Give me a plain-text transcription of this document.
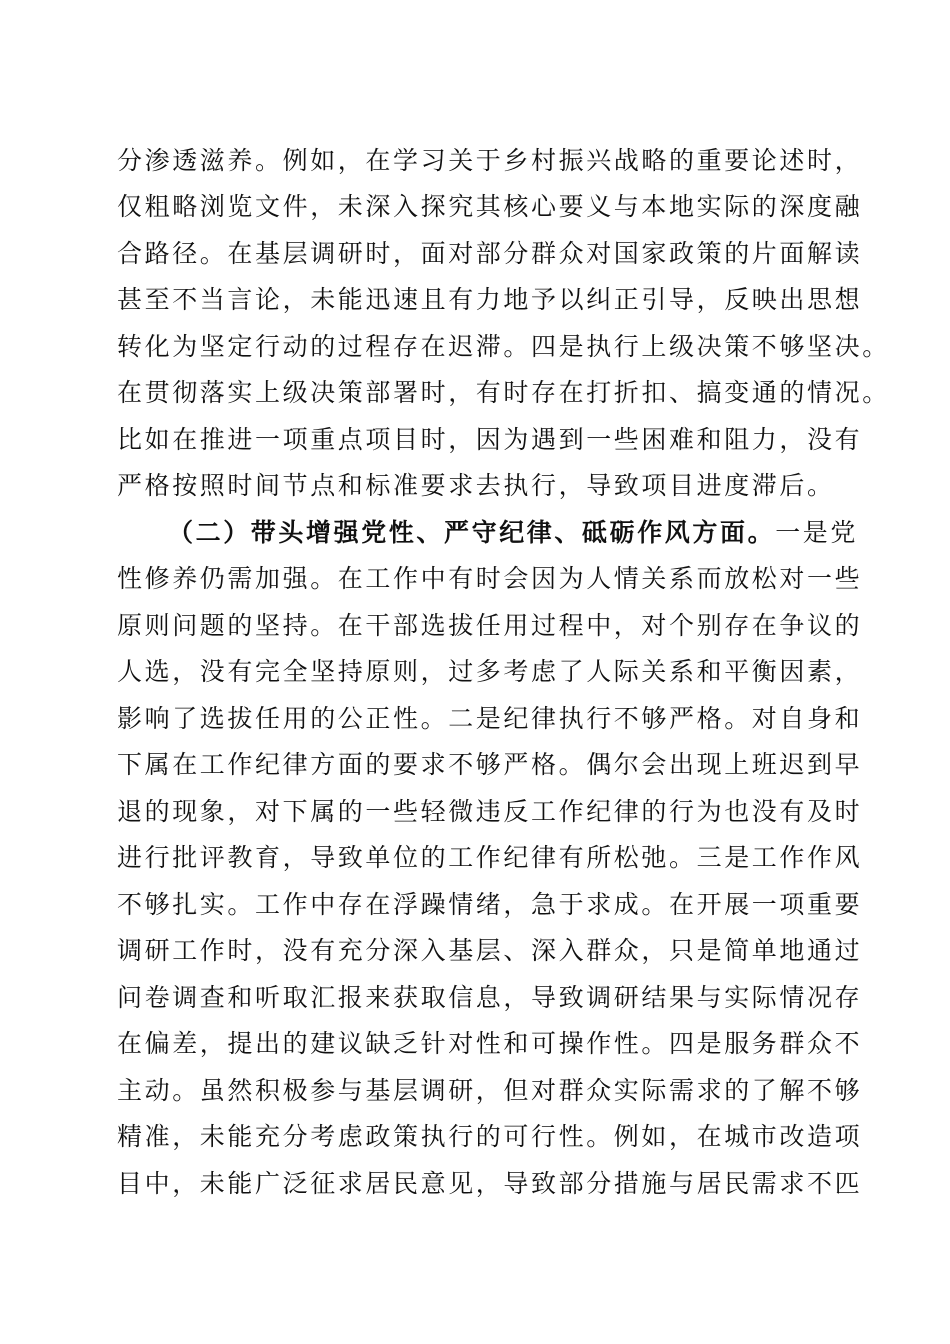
分渗透滋养。例如，在学习关于乡村振兴战略的重要论述时，
仅粗略浏览文件，未深入探究其核心要义与本地实际的深度融
合路径。在基层调研时，面对部分群众对国家政策的片面解读
甚至不当言论，未能迅速且有力地予以纠正引导，反映出思想
转化为坚定行动的过程存在迟滞。四是执行上级决策不够坚决。
在贯彻落实上级决策部署时，有时存在打折扣、搞变通的情况。
比如在推进一项重点项目时，因为遇到一些困难和阻力，没有
严格按照时间节点和标准要求去执行，导致项目进度滞后。
（二）带头增强党性、严守纪律、砥砺作风方面。一是党
性修养仍需加强。在工作中有时会因为人情关系而放松对一些
原则问题的坚持。在干部选拔任用过程中，对个别存在争议的
人选，没有完全坚持原则，过多考虑了人际关系和平衡因素，
影响了选拔任用的公正性。二是纪律执行不够严格。对自身和
下属在工作纪律方面的要求不够严格。偶尔会出现上班迟到早
退的现象，对下属的一些轻微违反工作纪律的行为也没有及时
进行批评教育，导致单位的工作纪律有所松弛。三是工作作风
不够扎实。工作中存在浮躁情绪，急于求成。在开展一项重要
调研工作时，没有充分深入基层、深入群众，只是简单地通过
问卷调查和听取汇报来获取信息，导致调研结果与实际情况存
在偏差，提出的建议缺乏针对性和可操作性。四是服务群众不
主动。虽然积极参与基层调研，但对群众实际需求的了解不够
精准，未能充分考虑政策执行的可行性。例如，在城市改造项
目中，未能广泛征求居民意见，导致部分措施与居民需求不匹
